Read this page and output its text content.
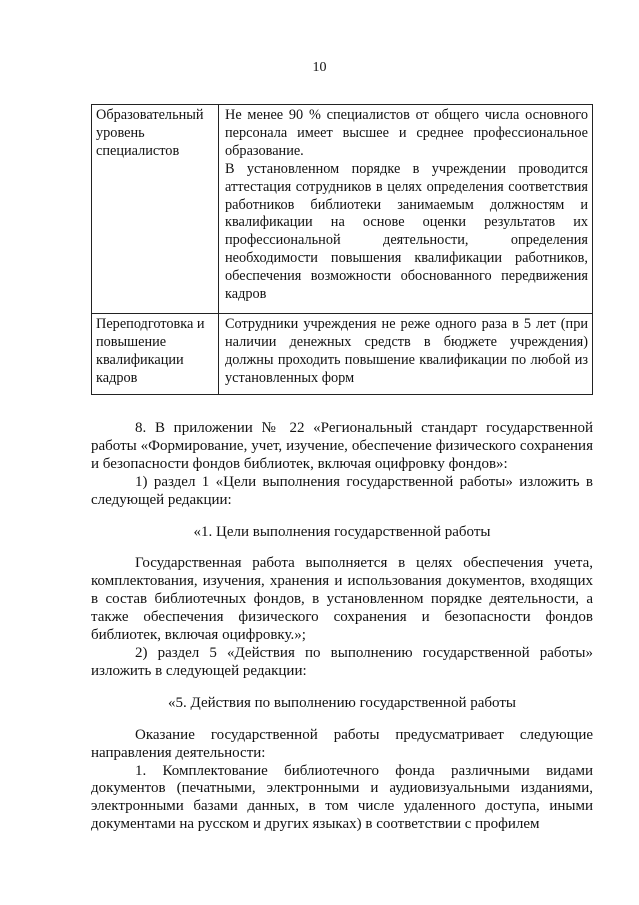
10
Образовательный уровень специалистов	Не менее 90 % специалистов от общего числа основного персонала имеет высшее и среднее профессиональное образование.

В установленном порядке в учреждении проводится аттестация сотрудников в целях определения соответствия работников библиотеки занимаемым должностям и квалификации на основе оценки результатов их профессиональной деятельности, определения необходимости повышения квалификации работников, обеспечения возможности обоснованного передвижения кадров

Переподготовка и повышение квалификации кадров	Сотрудники учреждения не реже одного раза в 5 лет (при наличии денежных средств в бюджете учреждения) должны проходить повышение квалификации по любой из установленных форм

8. В приложении № 22 «Региональный стандарт государственной работы «Формирование, учет, изучение, обеспечение физического сохранения и безопасности фондов библиотек, включая оцифровку фондов»:

1) раздел 1 «Цели выполнения государственной работы» изложить в следующей редакции:

«1. Цели выполнения государственной работы

Государственная работа выполняется в целях обеспечения учета, комплектования, изучения, хранения и использования документов, входящих в состав библиотечных фондов, в установленном порядке деятельности, а также обеспечения физического сохранения и безопасности фондов библиотек, включая оцифровку.»;

2) раздел 5 «Действия по выполнению государственной работы» изложить в следующей редакции:

«5. Действия по выполнению государственной работы

Оказание государственной работы предусматривает следующие направления деятельности:

1. Комплектование библиотечного фонда различными видами документов (печатными, электронными и аудиовизуальными изданиями, электронными базами данных, в том числе удаленного доступа, иными документами на русском и других языках) в соответствии с профилем
